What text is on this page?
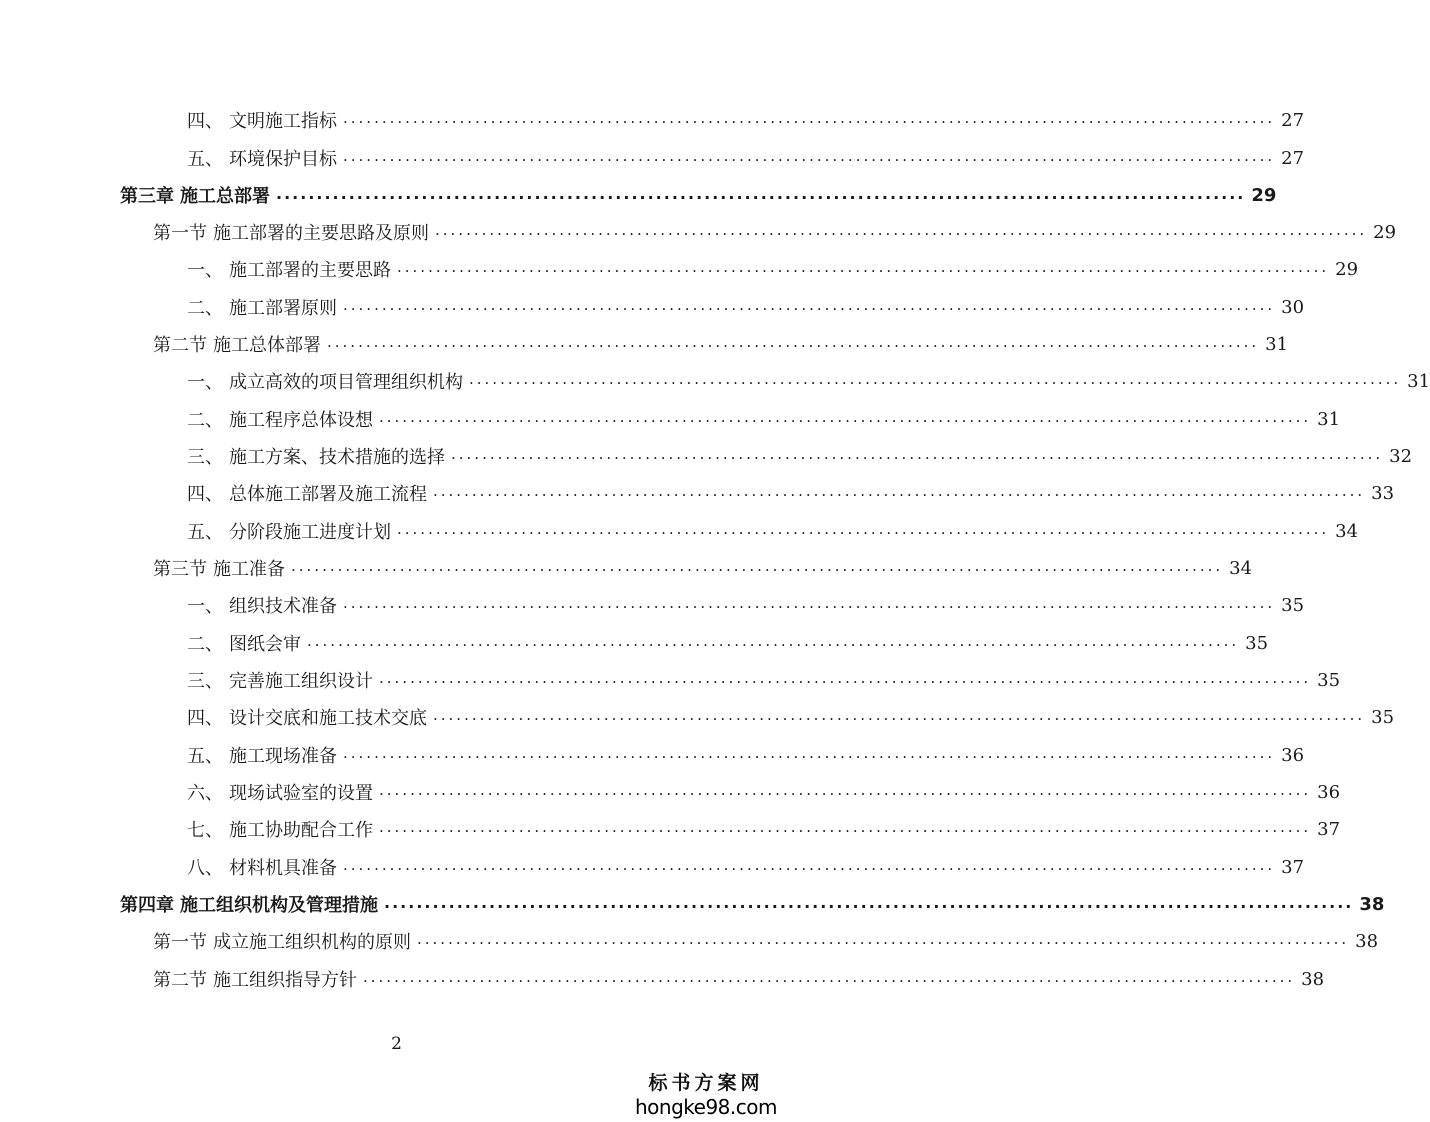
四、 文明施工指标 ........................................................................................................................ 27
五、 环境保护目标 ........................................................................................................................ 27
第三章 施工总部署 ........................................................................................................................ 29
第一节 施工部署的主要思路及原则 ........................................................................................................................ 29
一、 施工部署的主要思路 ........................................................................................................................ 29
二、 施工部署原则 ........................................................................................................................ 30
第二节 施工总体部署 ........................................................................................................................ 31
一、 成立高效的项目管理组织机构 ........................................................................................................................ 31
二、 施工程序总体设想 ........................................................................................................................ 31
三、 施工方案、技术措施的选择 ........................................................................................................................ 32
四、 总体施工部署及施工流程 ........................................................................................................................ 33
五、 分阶段施工进度计划 ........................................................................................................................ 34
第三节 施工准备 ........................................................................................................................ 34
一、 组织技术准备 ........................................................................................................................ 35
二、 图纸会审 ........................................................................................................................ 35
三、 完善施工组织设计 ........................................................................................................................ 35
四、 设计交底和施工技术交底 ........................................................................................................................ 35
五、 施工现场准备 ........................................................................................................................ 36
六、 现场试验室的设置 ........................................................................................................................ 36
七、 施工协助配合工作 ........................................................................................................................ 37
八、 材料机具准备 ........................................................................................................................ 37
第四章 施工组织机构及管理措施 ........................................................................................................................ 38
第一节 成立施工组织机构的原则 ........................................................................................................................ 38
第二节 施工组织指导方针 ........................................................................................................................ 38
2
标书方案网
hongke98.com
